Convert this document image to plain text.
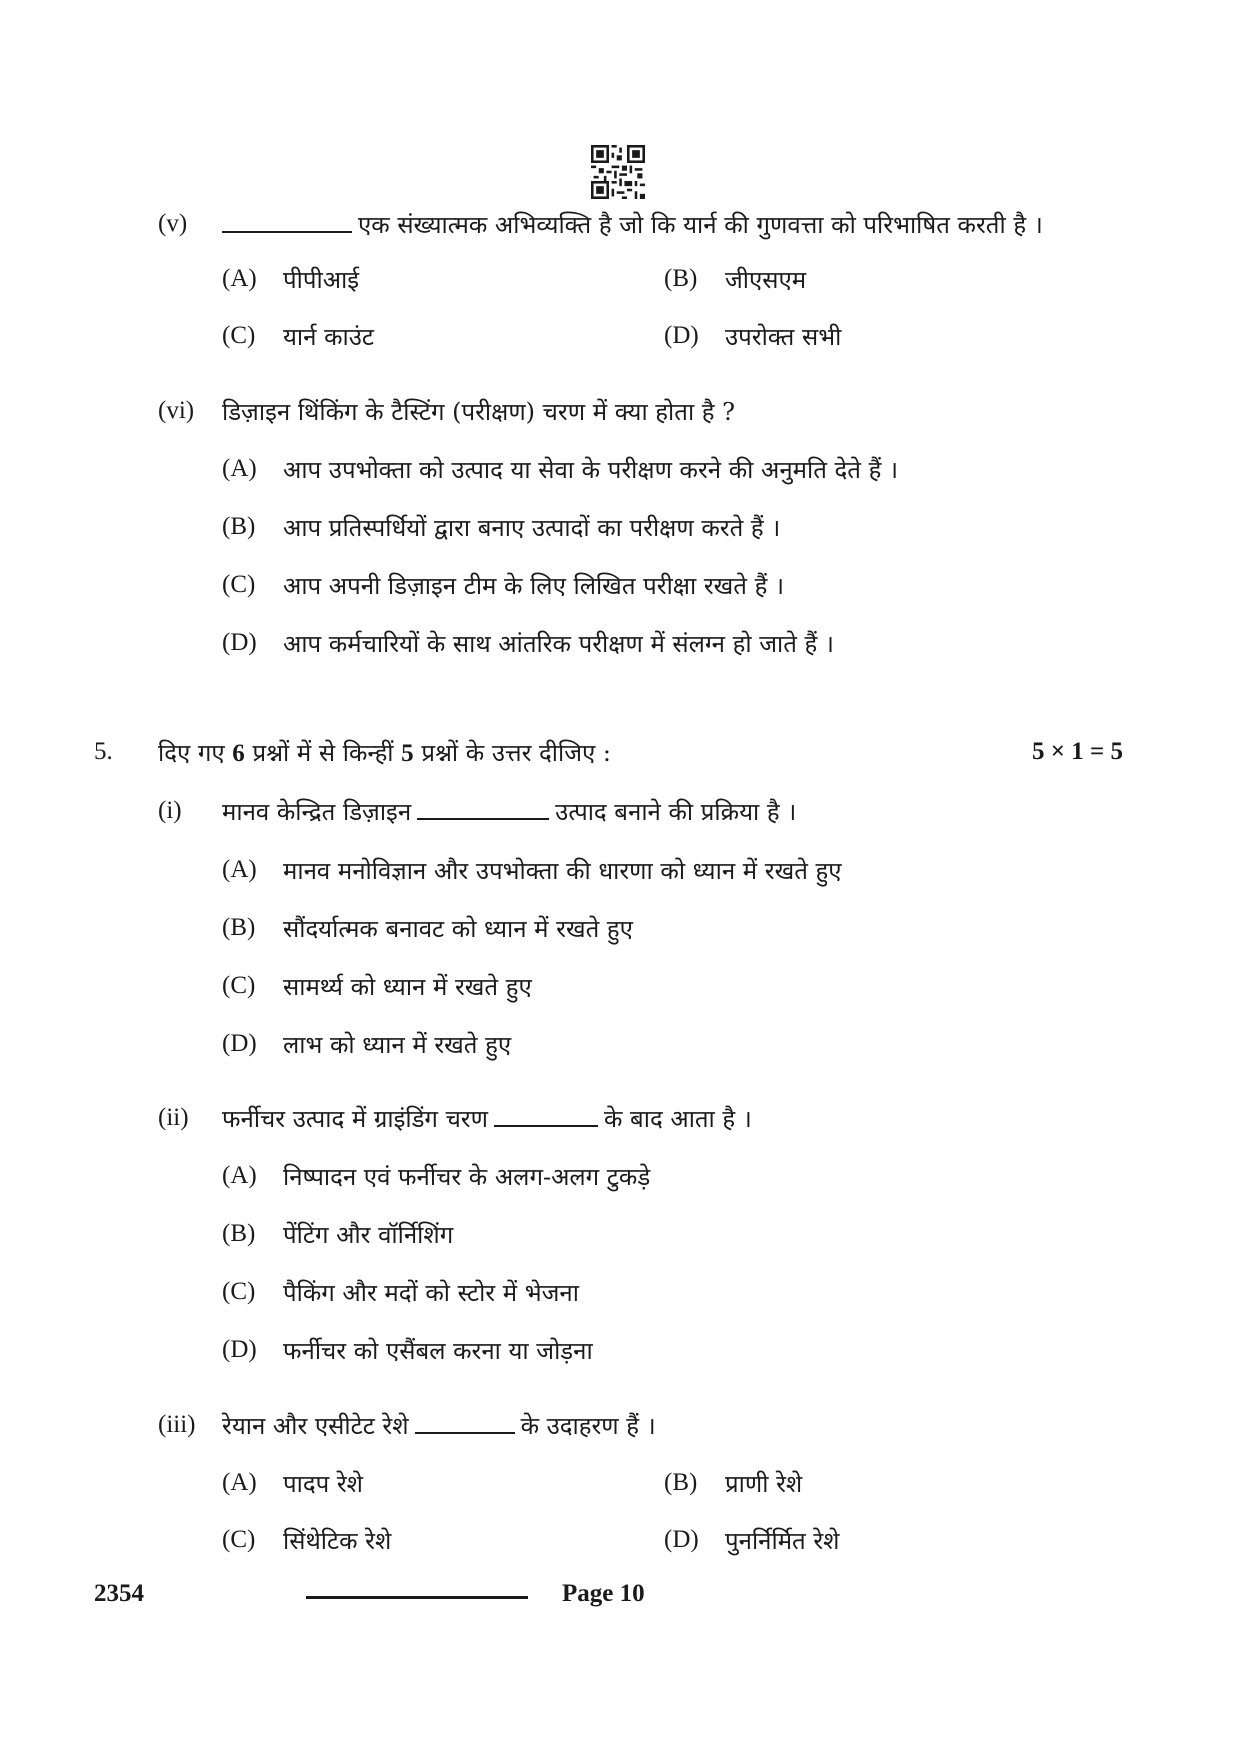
(v)	एक संख्यात्मक अभिव्यक्ति है जो कि यार्न की गुणवत्ता को परिभाषित करती है ।
(A) पीपीआई	(B) जीएसएम
(C) यार्न काउंट	(D) उपरोक्त सभी
(vi) डिज़ाइन थिंकिंग के टैस्टिंग (परीक्षण) चरण में क्या होता है ?
(A) आप उपभोक्ता को उत्पाद या सेवा के परीक्षण करने की अनुमति देते हैं ।
(B) आप प्रतिस्पर्धियों द्वारा बनाए उत्पादों का परीक्षण करते हैं ।
(C) आप अपनी डिज़ाइन टीम के लिए लिखित परीक्षा रखते हैं ।
(D) आप कर्मचारियों के साथ आंतरिक परीक्षण में संलग्न हो जाते हैं ।
5. दिए गए 6 प्रश्नों में से किन्हीं 5 प्रश्नों के उत्तर दीजिए :	5 × 1 = 5
(i) मानव केन्द्रित डिज़ाइन	उत्पाद बनाने की प्रक्रिया है ।
(A) मानव मनोविज्ञान और उपभोक्ता की धारणा को ध्यान में रखते हुए
(B) सौंदर्यात्मक बनावट को ध्यान में रखते हुए
(C) सामर्थ्य को ध्यान में रखते हुए
(D) लाभ को ध्यान में रखते हुए
(ii) फर्नीचर उत्पाद में ग्राइंडिंग चरण	के बाद आता है ।
(A) निष्पादन एवं फर्नीचर के अलग-अलग टुकड़े
(B) पेंटिंग और वॉर्निशिंग
(C) पैकिंग और मदों को स्टोर में भेजना
(D) फर्नीचर को एसैंबल करना या जोड़ना
(iii) रेयान और एसीटेट रेशे	के उदाहरण हैं ।
(A) पादप रेशे	(B) प्राणी रेशे
(C) सिंथेटिक रेशे	(D) पुनर्निर्मित रेशे
2354	Page 10
